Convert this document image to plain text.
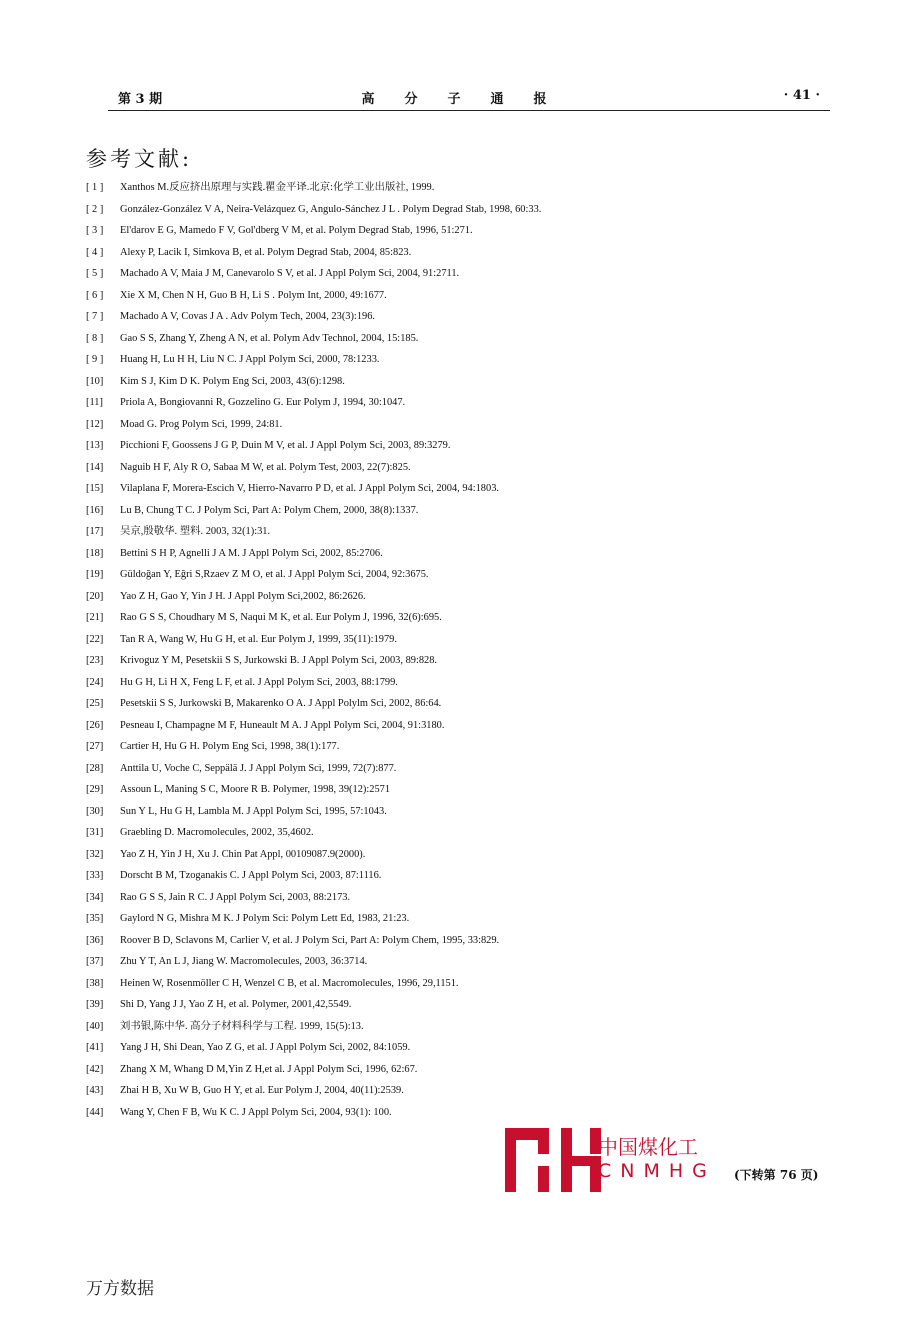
第 3 期	高分子通报	· 41 ·
参考文献:
[ 1 ]	Xanthos M.反应挤出原理与实践.瞿金平译.北京:化学工业出版社, 1999.
[ 2 ]	González-González V A, Neira-Velázquez G, Angulo-Sánchez J L . Polym Degrad Stab, 1998, 60:33.
[ 3 ]	El'darov E G, Mamedo F V, Gol'dberg V M, et al. Polym Degrad Stab, 1996, 51:271.
[ 4 ]	Alexy P, Lacik I, Simkova B, et al. Polym Degrad Stab, 2004, 85:823.
[ 5 ]	Machado A V, Maia J M, Canevarolo S V, et al. J Appl Polym Sci, 2004, 91:2711.
[ 6 ]	Xie X M, Chen N H, Guo B H, Li S . Polym Int, 2000, 49:1677.
[ 7 ]	Machado A V, Covas J A . Adv Polym Tech, 2004, 23(3):196.
[ 8 ]	Gao S S, Zhang Y, Zheng A N, et al. Polym Adv Technol, 2004, 15:185.
[ 9 ]	Huang H, Lu H H, Liu N C. J Appl Polym Sci, 2000, 78:1233.
[10]	Kim S J, Kim D K. Polym Eng Sci, 2003, 43(6):1298.
[11]	Priola A, Bongiovanni R, Gozzelino G. Eur Polym J, 1994, 30:1047.
[12]	Moad G. Prog Polym Sci, 1999, 24:81.
[13]	Picchioni F, Goossens J G P, Duin M V, et al. J Appl Polym Sci, 2003, 89:3279.
[14]	Naguib H F, Aly R O, Sabaa M W, et al. Polym Test, 2003, 22(7):825.
[15]	Vilaplana F, Morera-Escich V, Hierro-Navarro P D, et al. J Appl Polym Sci, 2004, 94:1803.
[16]	Lu B, Chung T C. J Polym Sci, Part A: Polym Chem, 2000, 38(8):1337.
[17]	吴京,殷敬华. 塑料. 2003, 32(1):31.
[18]	Bettini S H P, Agnelli J A M. J Appl Polym Sci, 2002, 85:2706.
[19]	Güldoğan Y, Eğri S,Rzaev Z M O, et al. J Appl Polym Sci, 2004, 92:3675.
[20]	Yao Z H, Gao Y, Yin J H. J Appl Polym Sci,2002, 86:2626.
[21]	Rao G S S, Choudhary M S, Naqui M K, et al. Eur Polym J, 1996, 32(6):695.
[22]	Tan R A, Wang W, Hu G H, et al. Eur Polym J, 1999, 35(11):1979.
[23]	Krivoguz Y M, Pesetskii S S, Jurkowski B. J Appl Polym Sci, 2003, 89:828.
[24]	Hu G H, Li H X, Feng L F, et al. J Appl Polym Sci, 2003, 88:1799.
[25]	Pesetskii S S, Jurkowski B, Makarenko O A. J Appl Polylm Sci, 2002, 86:64.
[26]	Pesneau I, Champagne M F, Huneault M A. J Appl Polym Sci, 2004, 91:3180.
[27]	Cartier H, Hu G H. Polym Eng Sci, 1998, 38(1):177.
[28]	Anttila U, Voche C, Seppälä J. J Appl Polym Sci, 1999, 72(7):877.
[29]	Assoun L, Maning S C, Moore R B. Polymer, 1998, 39(12):2571
[30]	Sun Y L, Hu G H, Lambla M. J Appl Polym Sci, 1995, 57:1043.
[31]	Graebling D. Macromolecules, 2002, 35,4602.
[32]	Yao Z H, Yin J H, Xu J. Chin Pat Appl, 00109087.9(2000).
[33]	Dorscht B M, Tzoganakis C. J Appl Polym Sci, 2003, 87:1116.
[34]	Rao G S S, Jain R C. J Appl Polym Sci, 2003, 88:2173.
[35]	Gaylord N G, Mishra M K. J Polym Sci: Polym Lett Ed, 1983, 21:23.
[36]	Roover B D, Sclavons M, Carlier V, et al. J Polym Sci, Part A: Polym Chem, 1995, 33:829.
[37]	Zhu Y T, An L J, Jiang W. Macromolecules, 2003, 36:3714.
[38]	Heinen W, Rosenmöller C H, Wenzel C B, et al. Macromolecules, 1996, 29,1151.
[39]	Shi D, Yang J J, Yao Z H, et al. Polymer, 2001,42,5549.
[40]	刘书银,陈中华. 高分子材料科学与工程. 1999, 15(5):13.
[41]	Yang J H, Shi Dean, Yao Z G, et al. J Appl Polym Sci, 2002, 84:1059.
[42]	Zhang X M, Whang D M,Yin Z H,et al. J Appl Polym Sci, 1996, 62:67.
[43]	Zhai H B, Xu W B, Guo H Y, et al. Eur Polym J, 2004, 40(11):2539.
[44]	Wang Y, Chen F B, Wu K C. J Appl Polym Sci, 2004, 93(1): 100.
中国煤化工
CNMHG (下转第 76 页)
万方数据
